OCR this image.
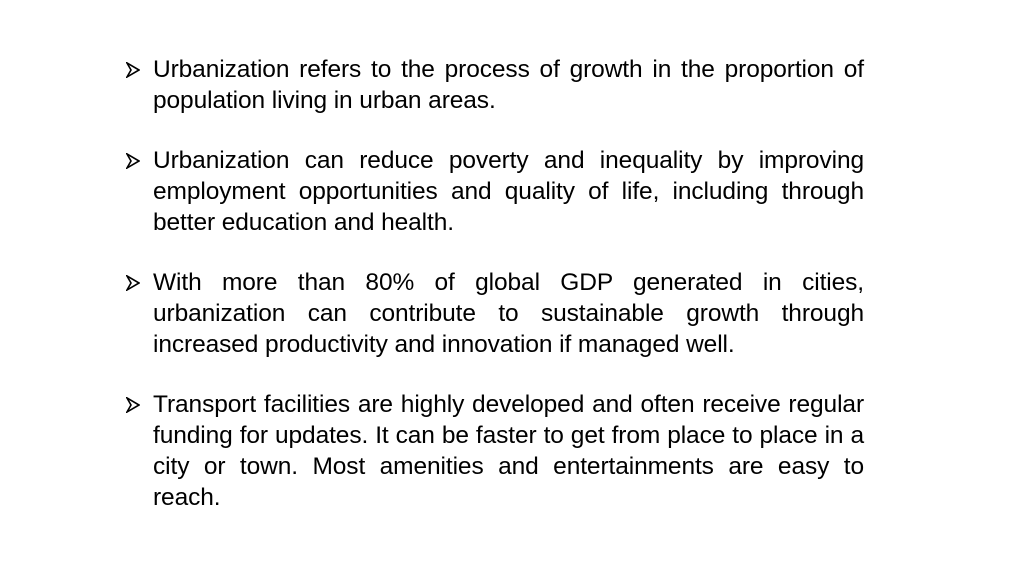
Urbanization refers to the process of growth in the proportion of population living in urban areas.
Urbanization can reduce poverty and inequality by improving employment opportunities and quality of life, including through better education and health.
With more than 80% of global GDP generated in cities, urbanization can contribute to sustainable growth through increased productivity and innovation if managed well.
Transport facilities are highly developed and often receive regular funding for updates. It can be faster to get from place to place in a city or town. Most amenities and entertainments are easy to reach.
